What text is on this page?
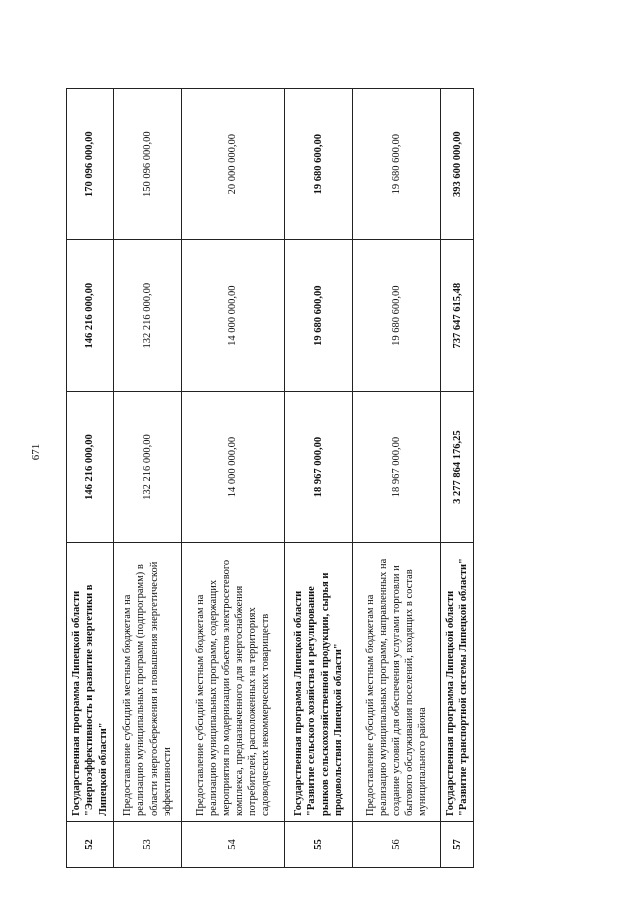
671
52	Государственная программа Липецкой области "Энергоэффективность и развитие энергетики в Липецкой области"	146 216 000,00	146 216 000,00	170 096 000,00
53	Предоставление субсидий местным бюджетам на реализацию муниципальных программ (подпрограмм) в области энергосбережения и повышения энергетической эффективности	132 216 000,00	132 216 000,00	150 096 000,00
54	Предоставление субсидий местным бюджетам на реализацию муниципальных программ, содержащих мероприятия по модернизации объектов электросетевого комплекса, предназначенного для энергоснабжения потребителей, расположенных на территориях садоводческих некоммерческих товариществ	14 000 000,00	14 000 000,00	20 000 000,00
55	Государственная программа Липецкой области "Развитие сельского хозяйства и регулирование рынков сельскохозяйственной продукции, сырья и продовольствия Липецкой области"	18 967 000,00	19 680 600,00	19 680 600,00
56	Предоставление субсидий местным бюджетам на реализацию муниципальных программ, направленных на создание условий для обеспечения услугами торговли и бытового обслуживания поселений, входящих в состав муниципального района	18 967 000,00	19 680 600,00	19 680 600,00
57	Государственная программа Липецкой области "Развитие транспортной системы Липецкой области"	3 277 864 176,25	737 647 615,48	393 600 000,00
